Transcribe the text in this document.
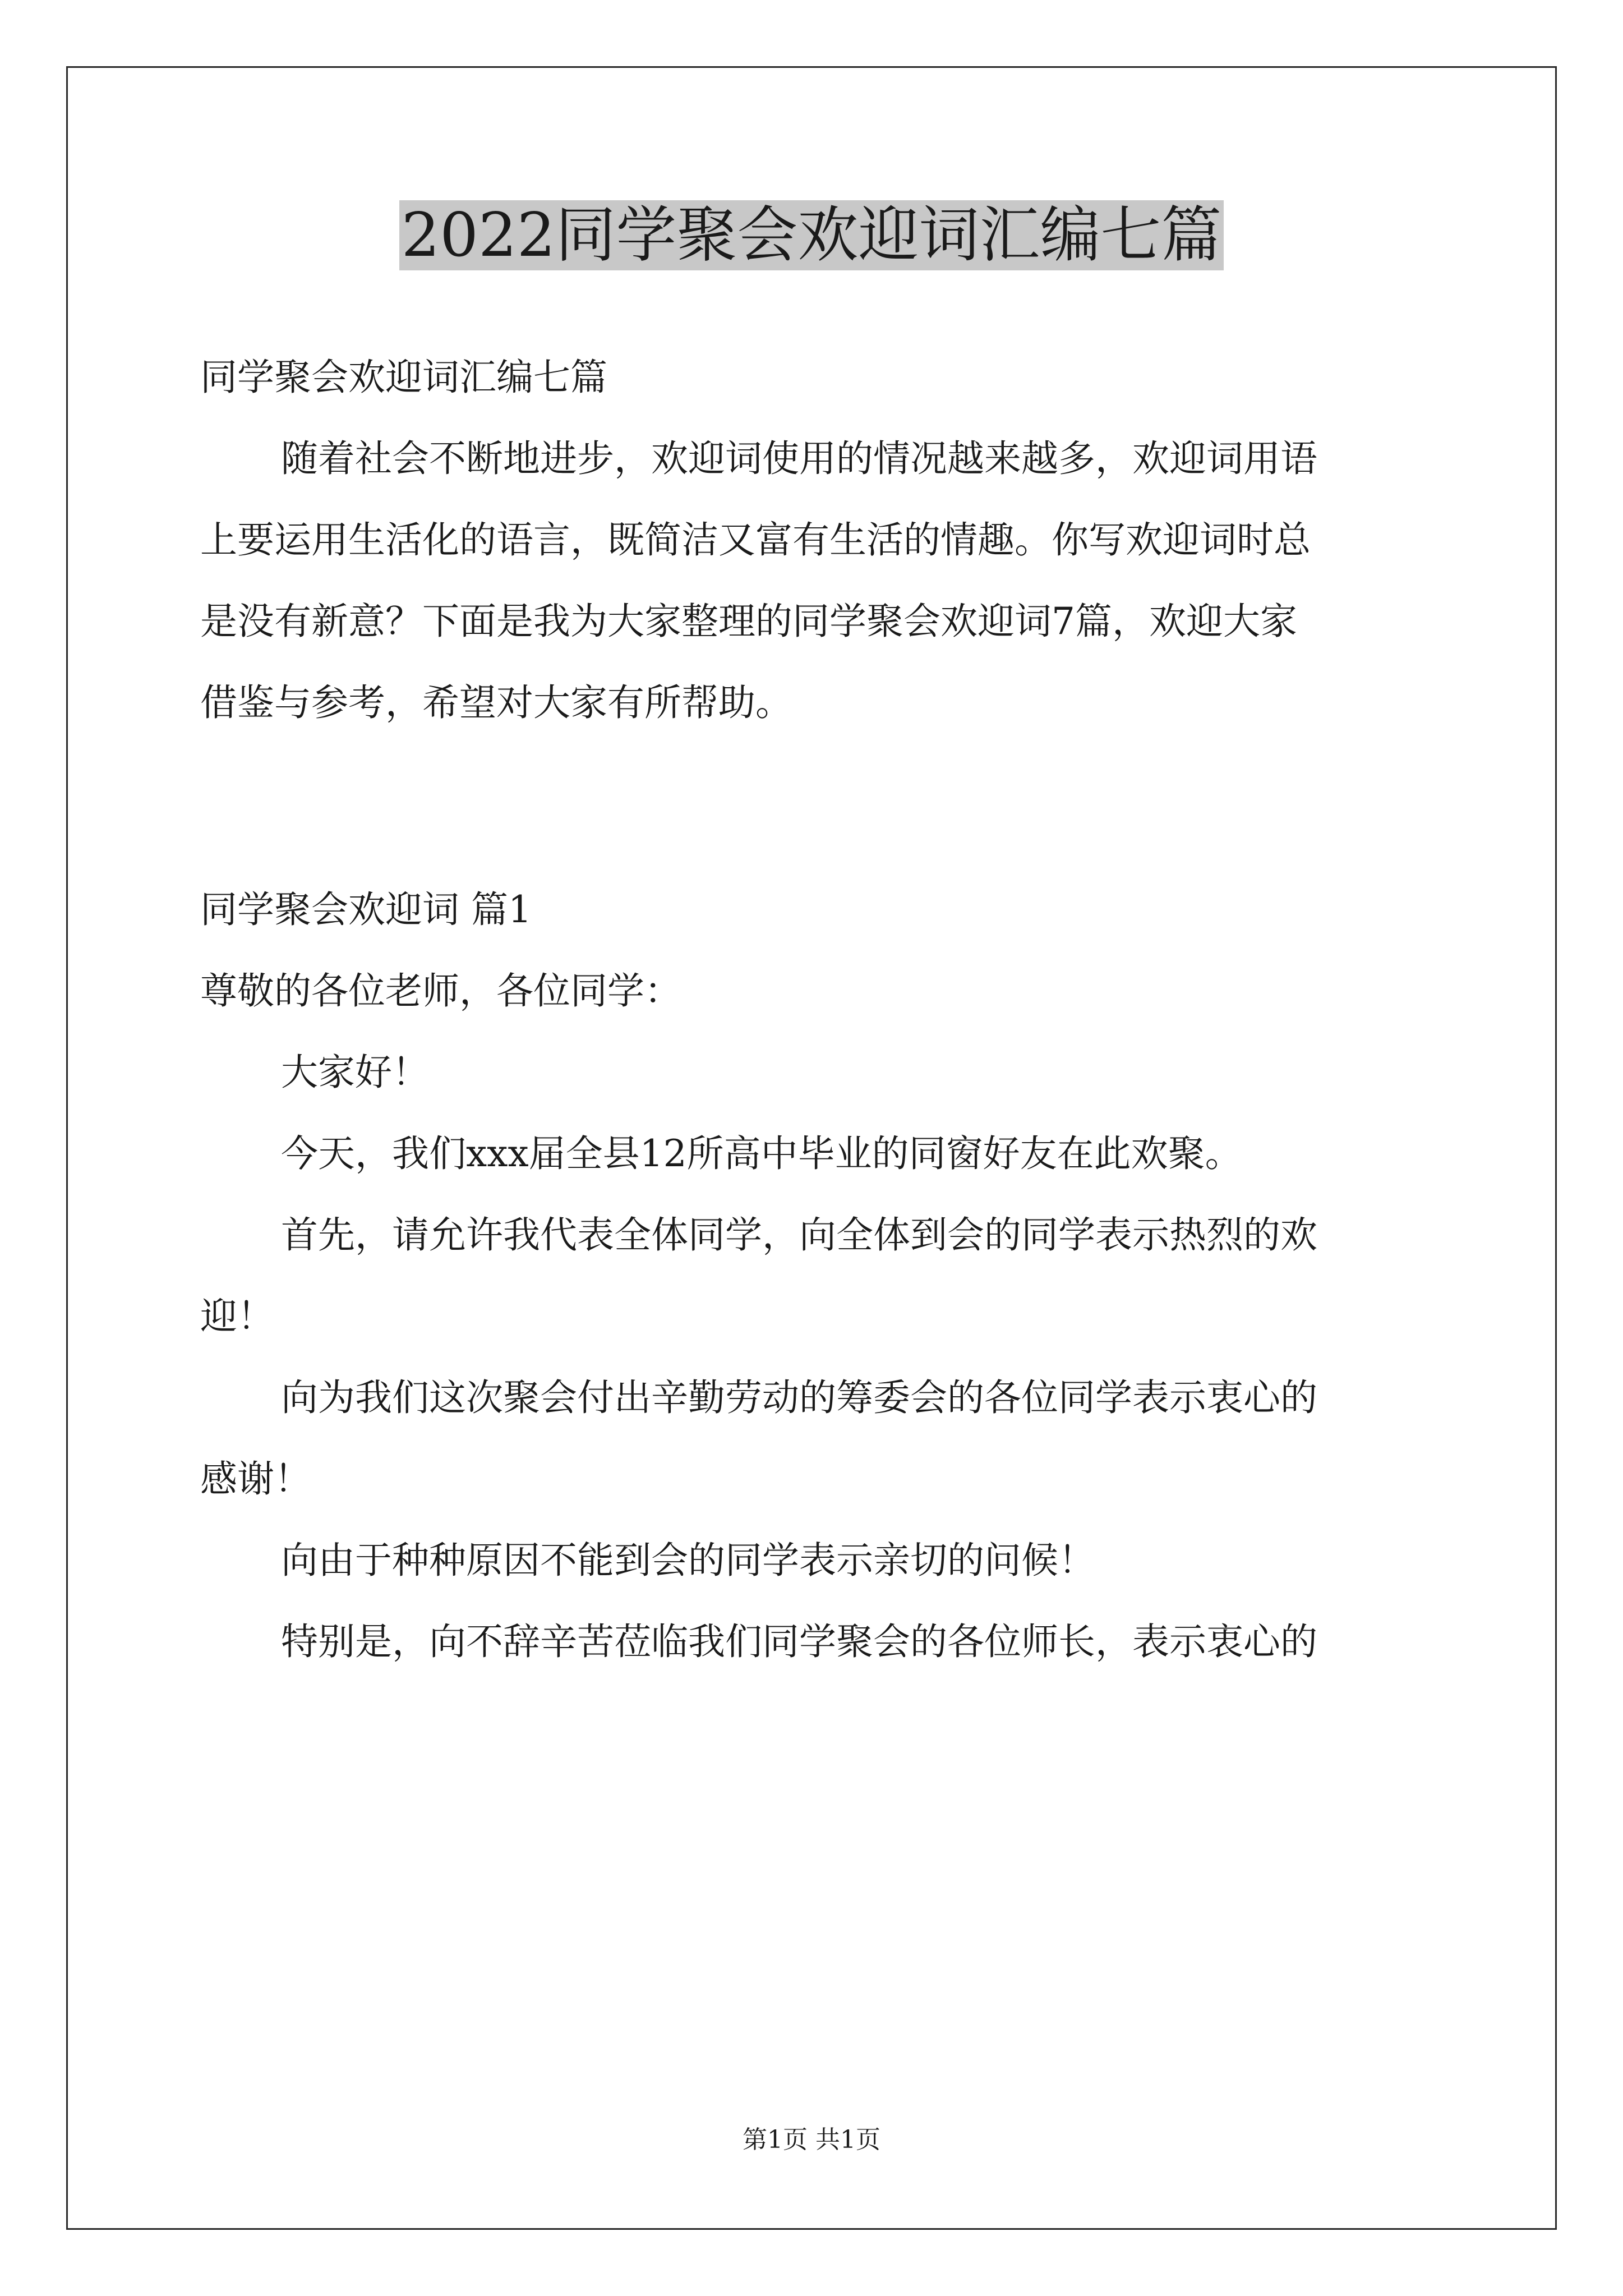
2022同学聚会欢迎词汇编七篇

同学聚会欢迎词汇编七篇

随着社会不断地进步，欢迎词使用的情况越来越多，欢迎词用语

上要运用生活化的语言，既简洁又富有生活的情趣。你写欢迎词时总

是没有新意？下面是我为大家整理的同学聚会欢迎词7篇，欢迎大家

借鉴与参考，希望对大家有所帮助。

同学聚会欢迎词 篇1

尊敬的各位老师，各位同学：

大家好！

今天，我们xxx届全县12所高中毕业的同窗好友在此欢聚。

首先，请允许我代表全体同学，向全体到会的同学表示热烈的欢

迎！

向为我们这次聚会付出辛勤劳动的筹委会的各位同学表示衷心的

感谢！

向由于种种原因不能到会的同学表示亲切的问候！

特别是，向不辞辛苦莅临我们同学聚会的各位师长，表示衷心的

第1页 共1页
